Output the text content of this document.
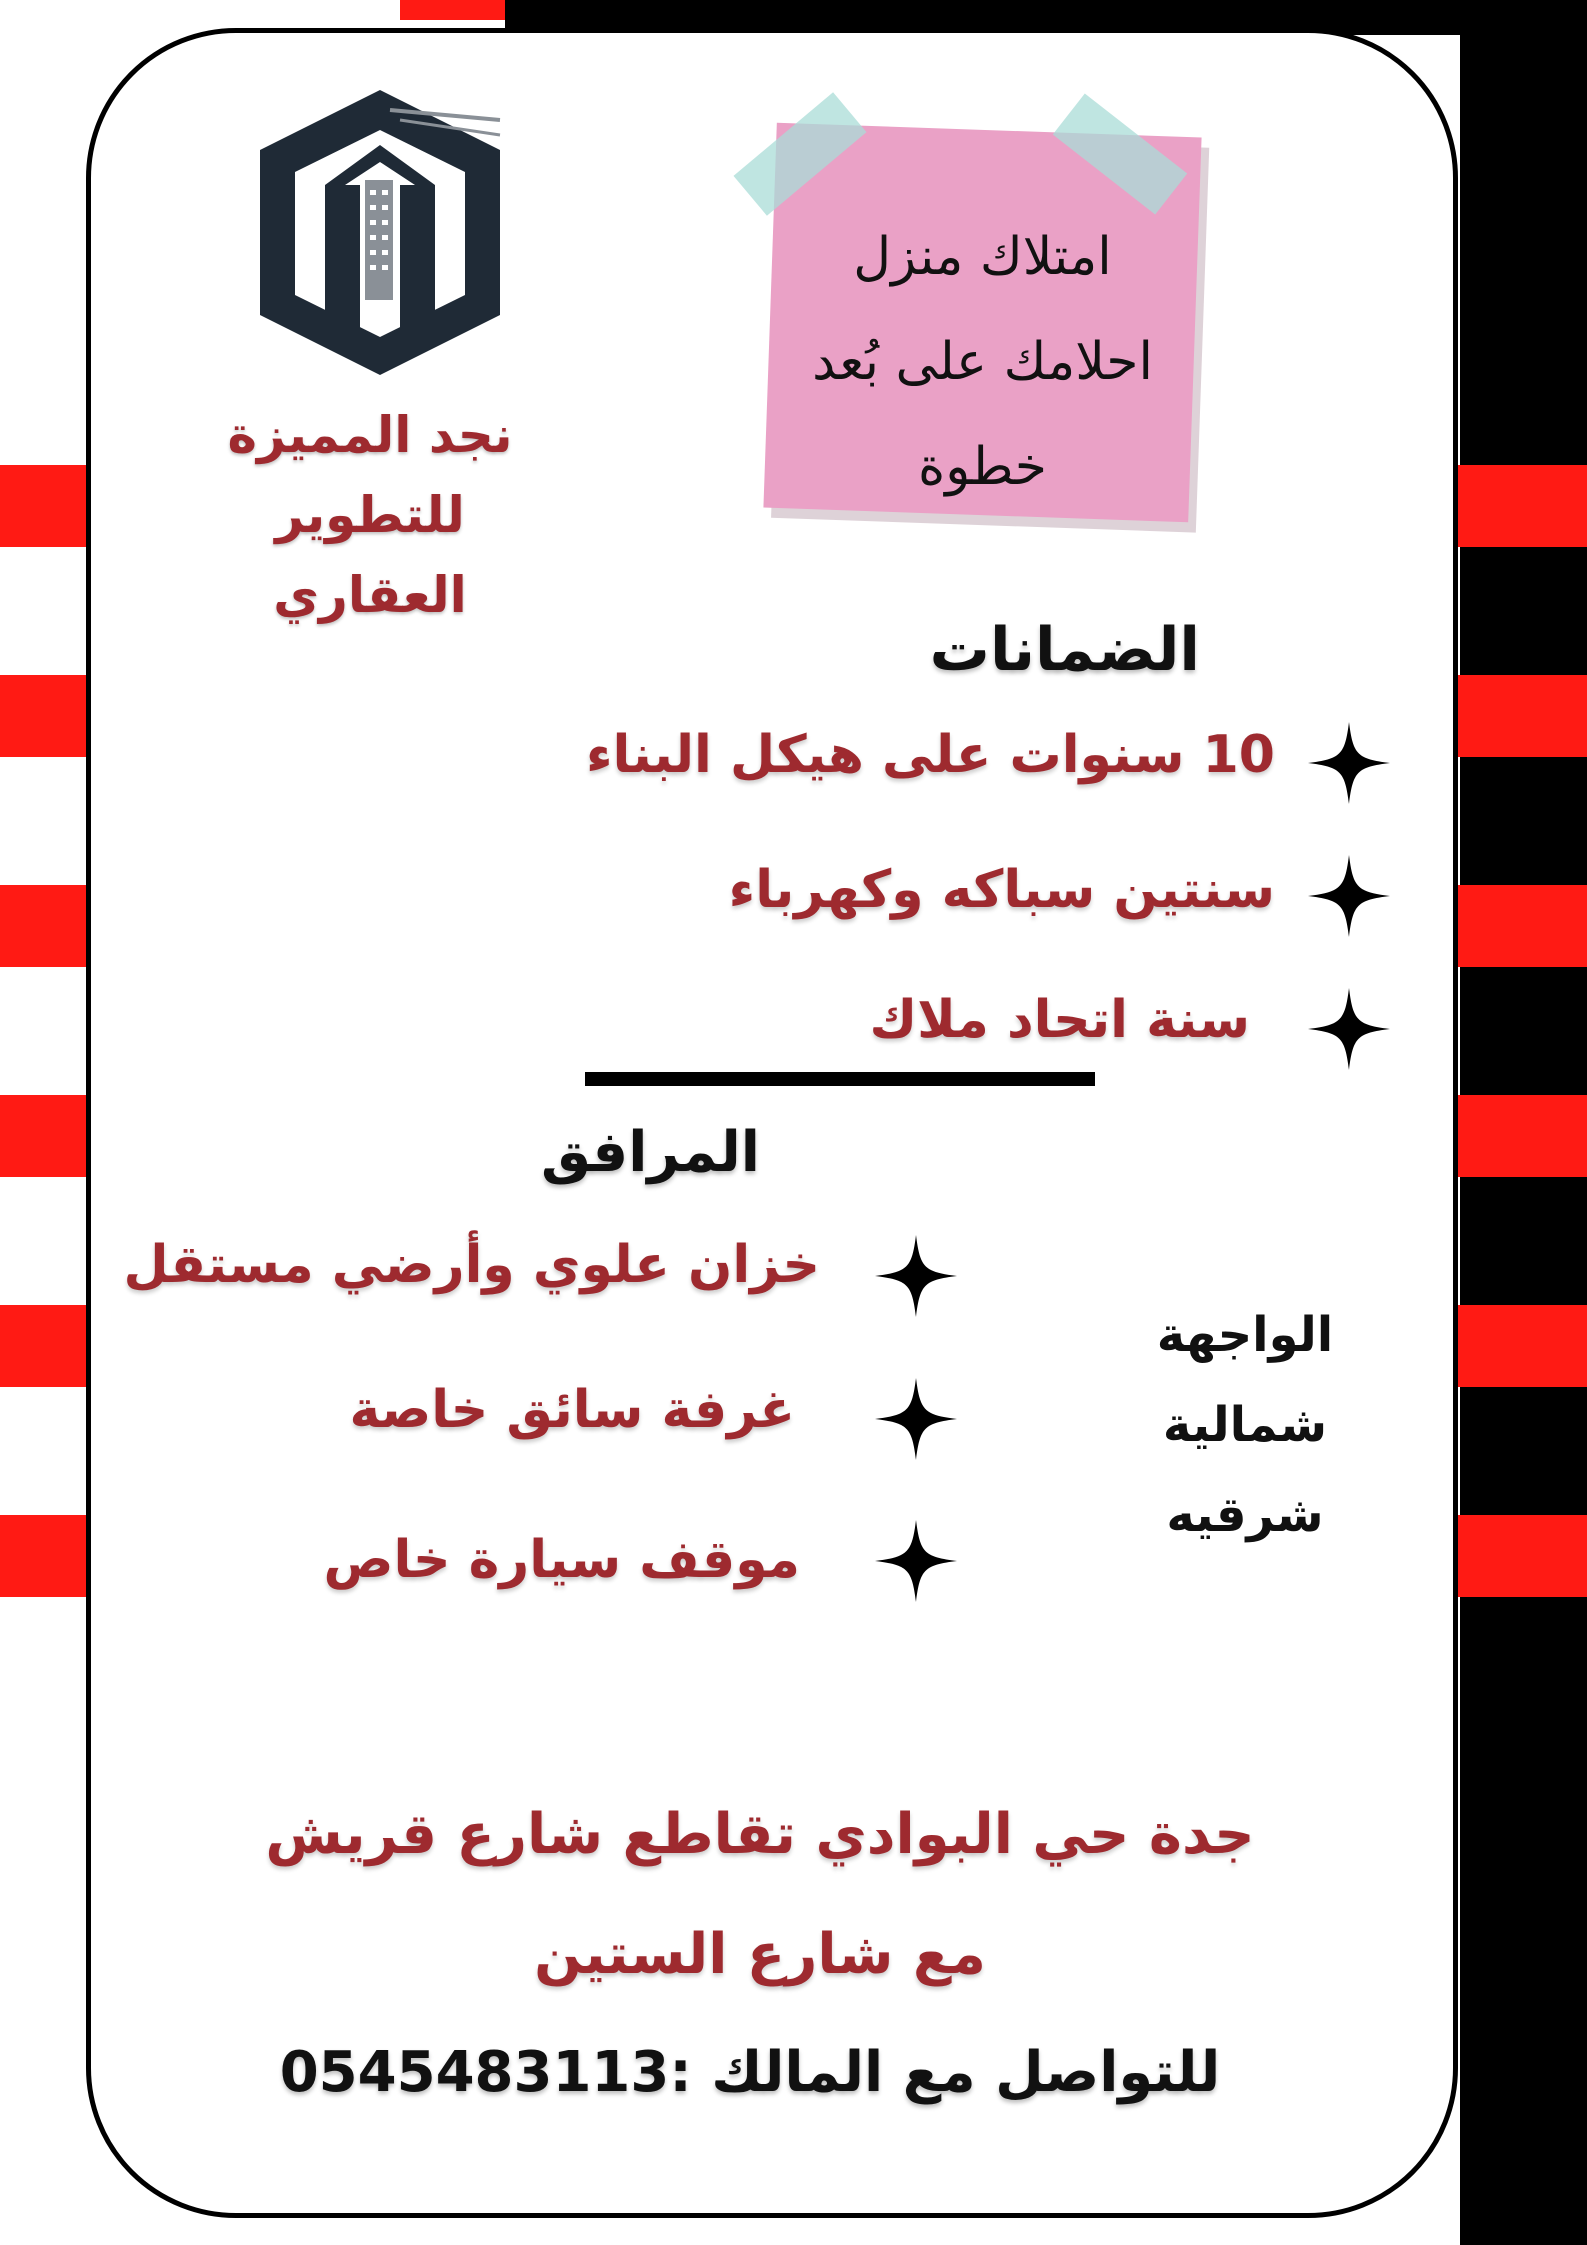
نجد المميزة
للتطوير العقاري
امتلاك منزل
احلامك على بُعد
خطوة
الضمانات
10 سنوات على هيكل البناء
سنتين سباكه وكهرباء
سنة اتحاد ملاك
المرافق
خزان علوي وأرضي مستقل
غرفة سائق خاصة
موقف سيارة خاص
الواجهة
شمالية
شرقيه
جدة حي البوادي تقاطع شارع قريش
مع شارع الستين
للتواصل مع المالك :0545483113
